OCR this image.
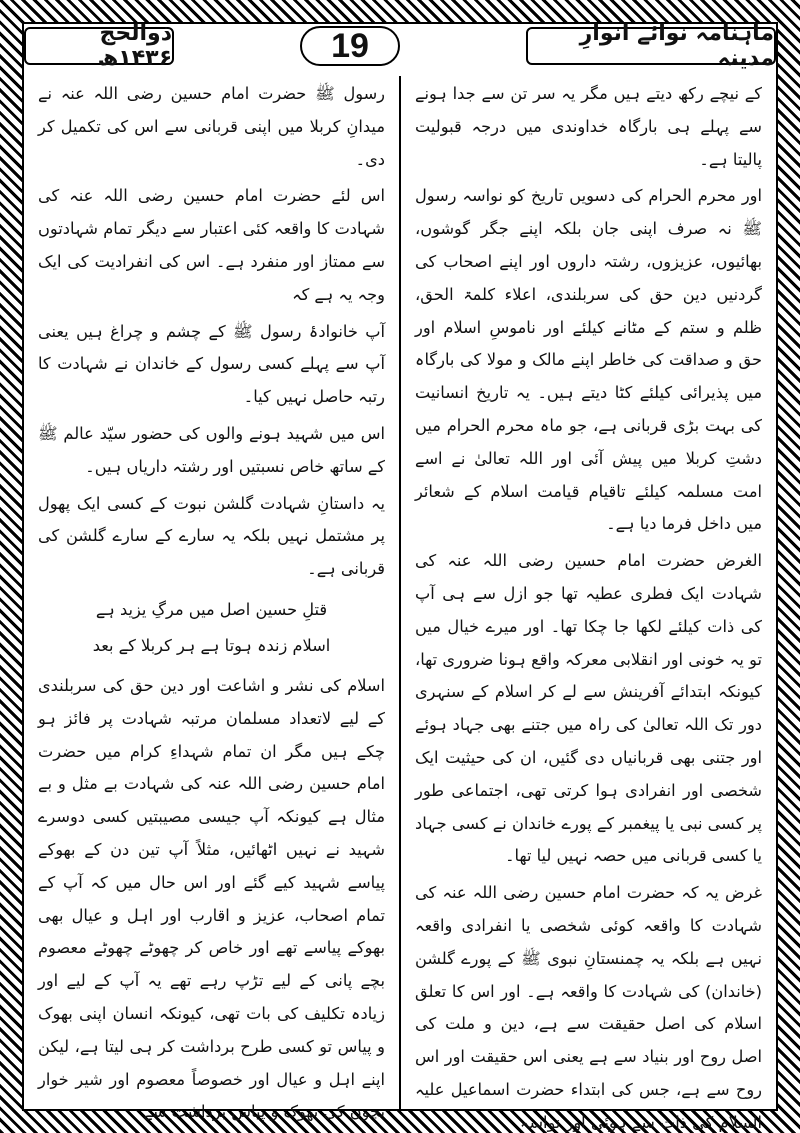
ذوالحج ۱۴۳۶ھ	19	ماہنامہ نوائے انوارِ مدینہ

کے نیچے رکھ دیتے ہیں مگر یہ سر تن سے جدا ہونے سے پہلے ہی بارگاہ خداوندی میں درجہ قبولیت پالیتا ہے۔

اور محرم الحرام کی دسویں تاریخ کو نواسہ رسول ﷺ نہ صرف اپنی جان بلکہ اپنے جگر گوشوں، بھائیوں، عزیزوں، رشتہ داروں اور اپنے اصحاب کی گردنیں دین حق کی سربلندی، اعلاء کلمۃ الحق، ظلم و ستم کے مٹانے کیلئے اور ناموسِ اسلام اور حق و صداقت کی خاطر اپنے مالک و مولا کی بارگاہ میں پذیرائی کیلئے کٹا دیتے ہیں۔ یہ تاریخ انسانیت کی بہت بڑی قربانی ہے، جو ماہ محرم الحرام میں دشتِ کربلا میں پیش آئی اور اللہ تعالیٰ نے اسے امت مسلمہ کیلئے تاقیام قیامت اسلام کے شعائر میں داخل فرما دیا ہے۔

الغرض حضرت امام حسین رضی اللہ عنہ کی شہادت ایک فطری عطیہ تھا جو ازل سے ہی آپ کی ذات کیلئے لکھا جا چکا تھا۔ اور میرے خیال میں تو یہ خونی اور انقلابی معرکہ واقع ہونا ضروری تھا، کیونکہ ابتدائے آفرینش سے لے کر اسلام کے سنہری دور تک اللہ تعالیٰ کی راہ میں جتنے بھی جہاد ہوئے اور جتنی بھی قربانیاں دی گئیں، ان کی حیثیت ایک شخصی اور انفرادی ہوا کرتی تھی، اجتماعی طور پر کسی نبی یا پیغمبر کے پورے خاندان نے کسی جہاد یا کسی قربانی میں حصہ نہیں لیا تھا۔

غرض یہ کہ حضرت امام حسین رضی اللہ عنہ کی شہادت کا واقعہ کوئی شخصی یا انفرادی واقعہ نہیں ہے بلکہ یہ چمنستانِ نبوی ﷺ کے پورے گلشن (خاندان) کی شہادت کا واقعہ ہے۔ اور اس کا تعلق اسلام کی اصل حقیقت سے ہے، دین و ملت کی اصل روح اور بنیاد سے ہے یعنی اس حقیقت اور اس روح سے ہے، جس کی ابتداء حضرت اسماعیل علیہ السلام کی ذات سے ہوئی اور نواسہ

رسول ﷺ حضرت امام حسین رضی اللہ عنہ نے میدانِ کربلا میں اپنی قربانی سے اس کی تکمیل کر دی۔

اس لئے حضرت امام حسین رضی اللہ عنہ کی شہادت کا واقعہ کئی اعتبار سے دیگر تمام شہادتوں سے ممتاز اور منفرد ہے۔ اس کی انفرادیت کی ایک وجہ یہ ہے کہ

آپ خانوادۂ رسول ﷺ کے چشم و چراغ ہیں یعنی آپ سے پہلے کسی رسول کے خاندان نے شہادت کا رتبہ حاصل نہیں کیا۔

اس میں شہید ہونے والوں کی حضور سیّد عالم ﷺ کے ساتھ خاص نسبتیں اور رشتہ داریاں ہیں۔

یہ داستانِ شہادت گلشن نبوت کے کسی ایک پھول پر مشتمل نہیں بلکہ یہ سارے کے سارے گلشن کی قربانی ہے۔

قتلِ حسین اصل میں مرگِ یزید ہے
اسلام زندہ ہوتا ہے ہر کربلا کے بعد

اسلام کی نشر و اشاعت اور دین حق کی سربلندی کے لیے لاتعداد مسلمان مرتبہ شہادت پر فائز ہو چکے ہیں مگر ان تمام شہداءِ کرام میں حضرت امام حسین رضی اللہ عنہ کی شہادت بے مثل و بے مثال ہے کیونکہ آپ جیسی مصیبتیں کسی دوسرے شہید نے نہیں اٹھائیں، مثلاً آپ تین دن کے بھوکے پیاسے شہید کیے گئے اور اس حال میں کہ آپ کے تمام اصحاب، عزیز و اقارب اور اہل و عیال بھی بھوکے پیاسے تھے اور خاص کر چھوٹے چھوٹے معصوم بچے پانی کے لیے تڑپ رہے تھے یہ آپ کے لیے اور زیادہ تکلیف کی بات تھی، کیونکہ انسان اپنی بھوک و پیاس تو کسی طرح برداشت کر ہی لیتا ہے، لیکن اپنے اہل و عیال اور خصوصاً معصوم اور شیر خوار بچوں کی بھوک و پیاس برداشت سے
